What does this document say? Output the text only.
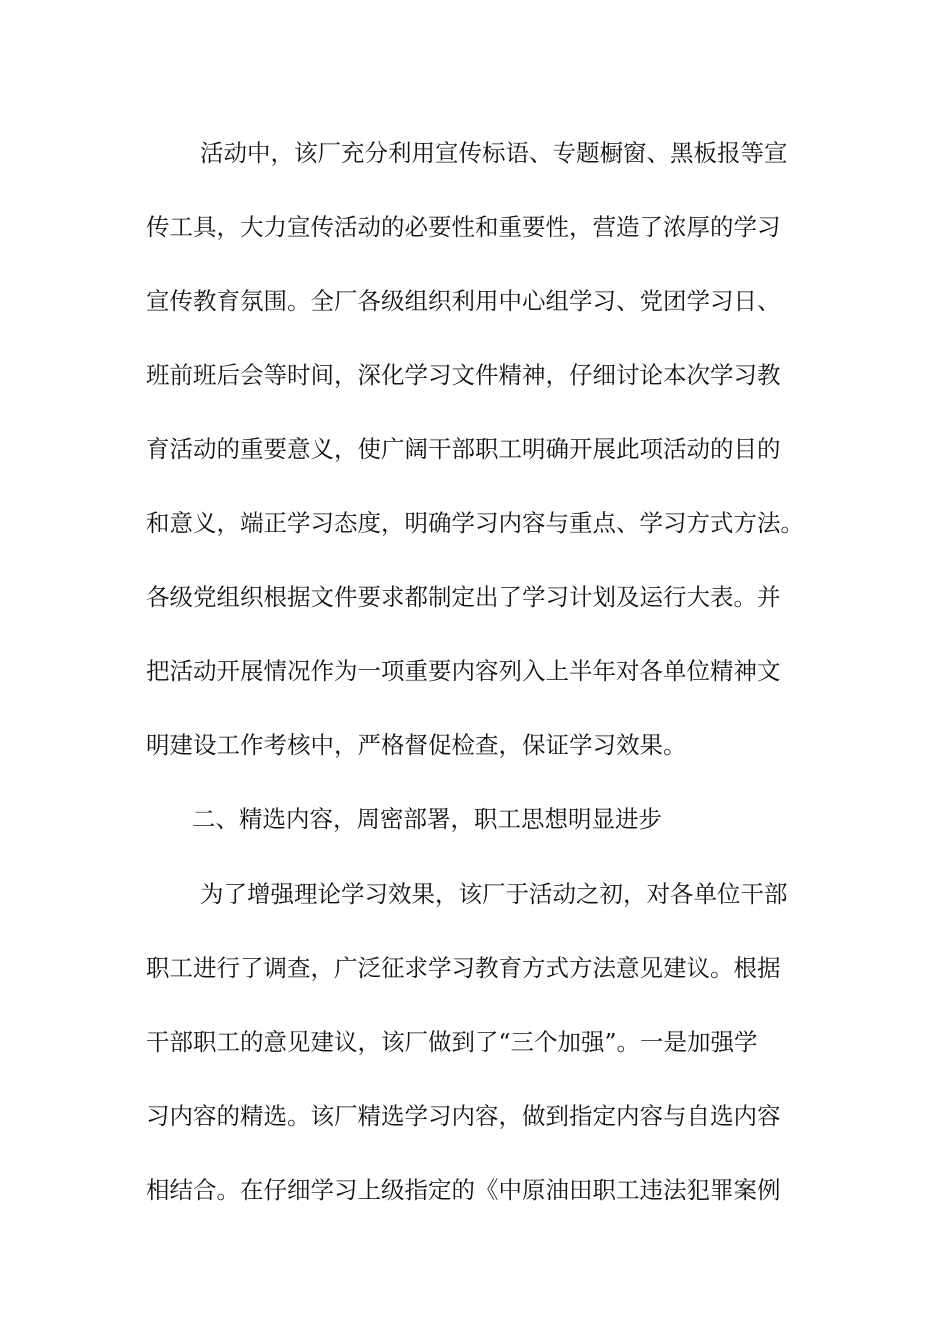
活动中，该厂充分利用宣传标语、专题橱窗、黑板报等宣
传工具，大力宣传活动的必要性和重要性，营造了浓厚的学习
宣传教育氛围。全厂各级组织利用中心组学习、党团学习日、
班前班后会等时间，深化学习文件精神，仔细讨论本次学习教
育活动的重要意义，使广阔干部职工明确开展此项活动的目的
和意义，端正学习态度，明确学习内容与重点、学习方式方法。
各级党组织根据文件要求都制定出了学习计划及运行大表。并
把活动开展情况作为一项重要内容列入上半年对各单位精神文
明建设工作考核中，严格督促检查，保证学习效果。
二、精选内容，周密部署，职工思想明显进步
为了增强理论学习效果，该厂于活动之初，对各单位干部
职工进行了调查，广泛征求学习教育方式方法意见建议。根据
干部职工的意见建议，该厂做到了“三个加强”。一是加强学
习内容的精选。该厂精选学习内容，做到指定内容与自选内容
相结合。在仔细学习上级指定的《中原油田职工违法犯罪案例
